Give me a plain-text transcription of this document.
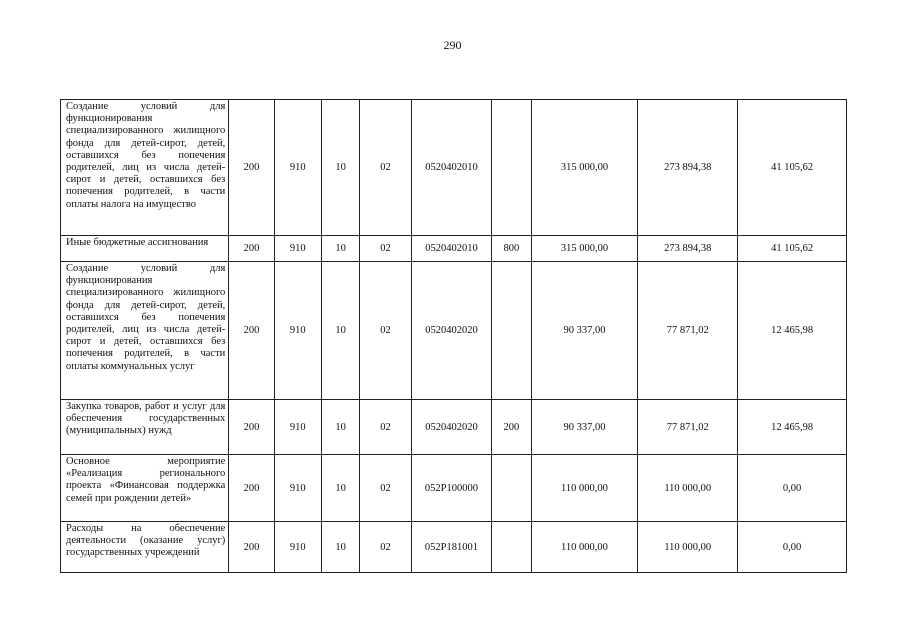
290
Создание условий для функционирования специализированного жилищного фонда для детей-сирот, детей, оставшихся без попечения родителей, лиц из числа детей-сирот и детей, оставшихся без попечения родителей, в части оплаты налога на имущество	200	910	10	02	0520402010		315 000,00	273 894,38	41 105,62
Иные бюджетные ассигнования	200	910	10	02	0520402010	800	315 000,00	273 894,38	41 105,62
Создание условий для функционирования специализированного жилищного фонда для детей-сирот, детей, оставшихся без попечения родителей, лиц из числа детей-сирот и детей, оставшихся без попечения родителей, в части оплаты коммунальных услуг	200	910	10	02	0520402020		90 337,00	77 871,02	12 465,98
Закупка товаров, работ и услуг для обеспечения государственных (муниципальных) нужд	200	910	10	02	0520402020	200	90 337,00	77 871,02	12 465,98
Основное мероприятие «Реализация регионального проекта «Финансовая поддержка семей при рождении детей»	200	910	10	02	052P100000		110 000,00	110 000,00	0,00
Расходы на обеспечение деятельности (оказание услуг) государственных учреждений	200	910	10	02	052P181001		110 000,00	110 000,00	0,00
